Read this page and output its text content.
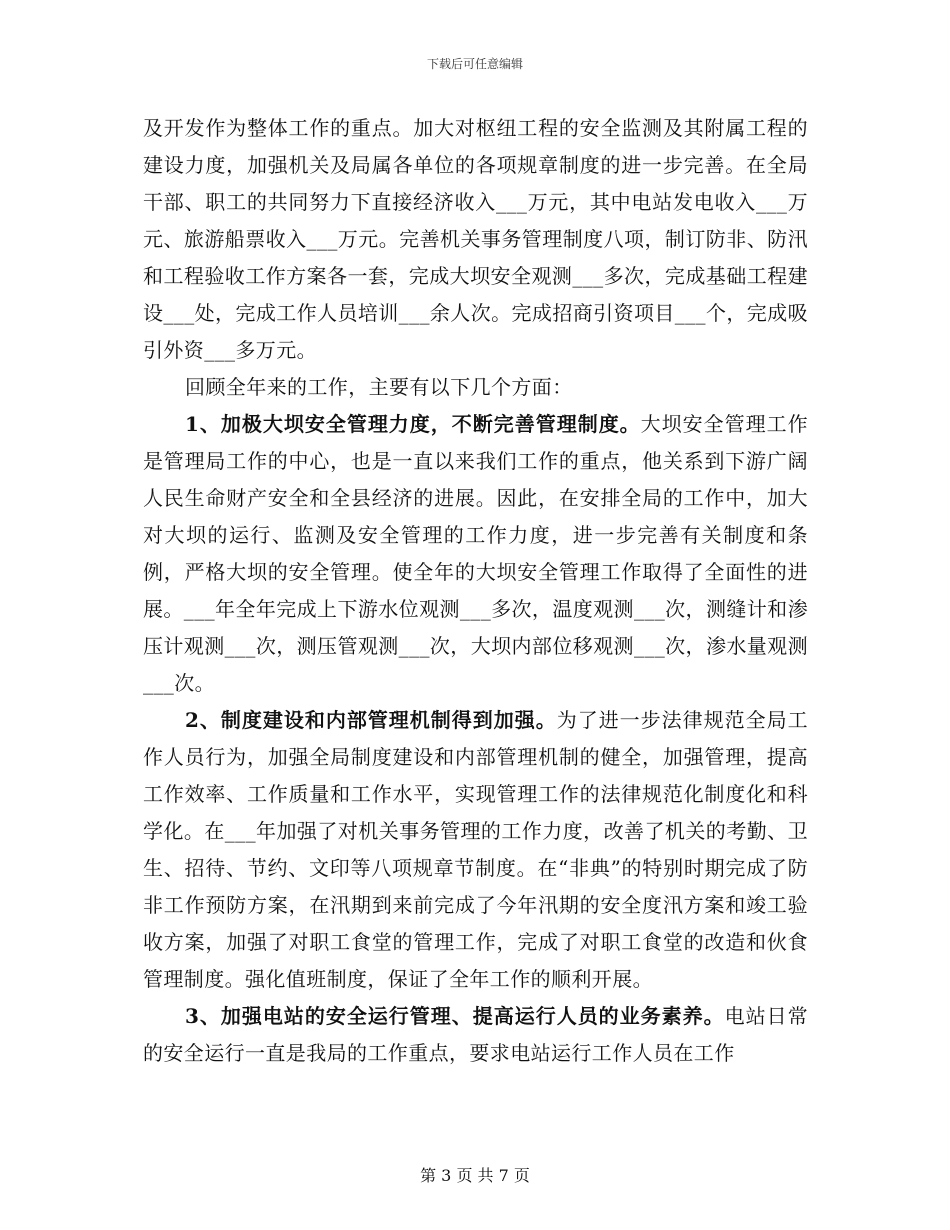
下载后可任意编辑

及开发作为整体工作的重点。加大对枢纽工程的安全监测及其附属工程的建设力度，加强机关及局属各单位的各项规章制度的进一步完善。在全局干部、职工的共同努力下直接经济收入___万元，其中电站发电收入___万元、旅游船票收入___万元。完善机关事务管理制度八项，制订防非、防汛和工程验收工作方案各一套，完成大坝安全观测___多次，完成基础工程建设___处，完成工作人员培训___余人次。完成招商引资项目___个，完成吸引外资___多万元。

回顾全年来的工作，主要有以下几个方面：

1、加极大坝安全管理力度，不断完善管理制度。大坝安全管理工作是管理局工作的中心，也是一直以来我们工作的重点，他关系到下游广阔人民生命财产安全和全县经济的进展。因此，在安排全局的工作中，加大对大坝的运行、监测及安全管理的工作力度，进一步完善有关制度和条例，严格大坝的安全管理。使全年的大坝安全管理工作取得了全面性的进展。___年全年完成上下游水位观测___多次，温度观测___次，测缝计和渗压计观测___次，测压管观测___次，大坝内部位移观测___次，渗水量观测___次。

2、制度建设和内部管理机制得到加强。为了进一步法律规范全局工作人员行为，加强全局制度建设和内部管理机制的健全，加强管理，提高工作效率、工作质量和工作水平，实现管理工作的法律规范化制度化和科学化。在___年加强了对机关事务管理的工作力度，改善了机关的考勤、卫生、招待、节约、文印等八项规章节制度。在“非典”的特别时期完成了防非工作预防方案，在汛期到来前完成了今年汛期的安全度汛方案和竣工验收方案，加强了对职工食堂的管理工作，完成了对职工食堂的改造和伙食管理制度。强化值班制度，保证了全年工作的顺利开展。

3、加强电站的安全运行管理、提高运行人员的业务素养。电站日常的安全运行一直是我局的工作重点，要求电站运行工作人员在工作

第 3 页 共 7 页
